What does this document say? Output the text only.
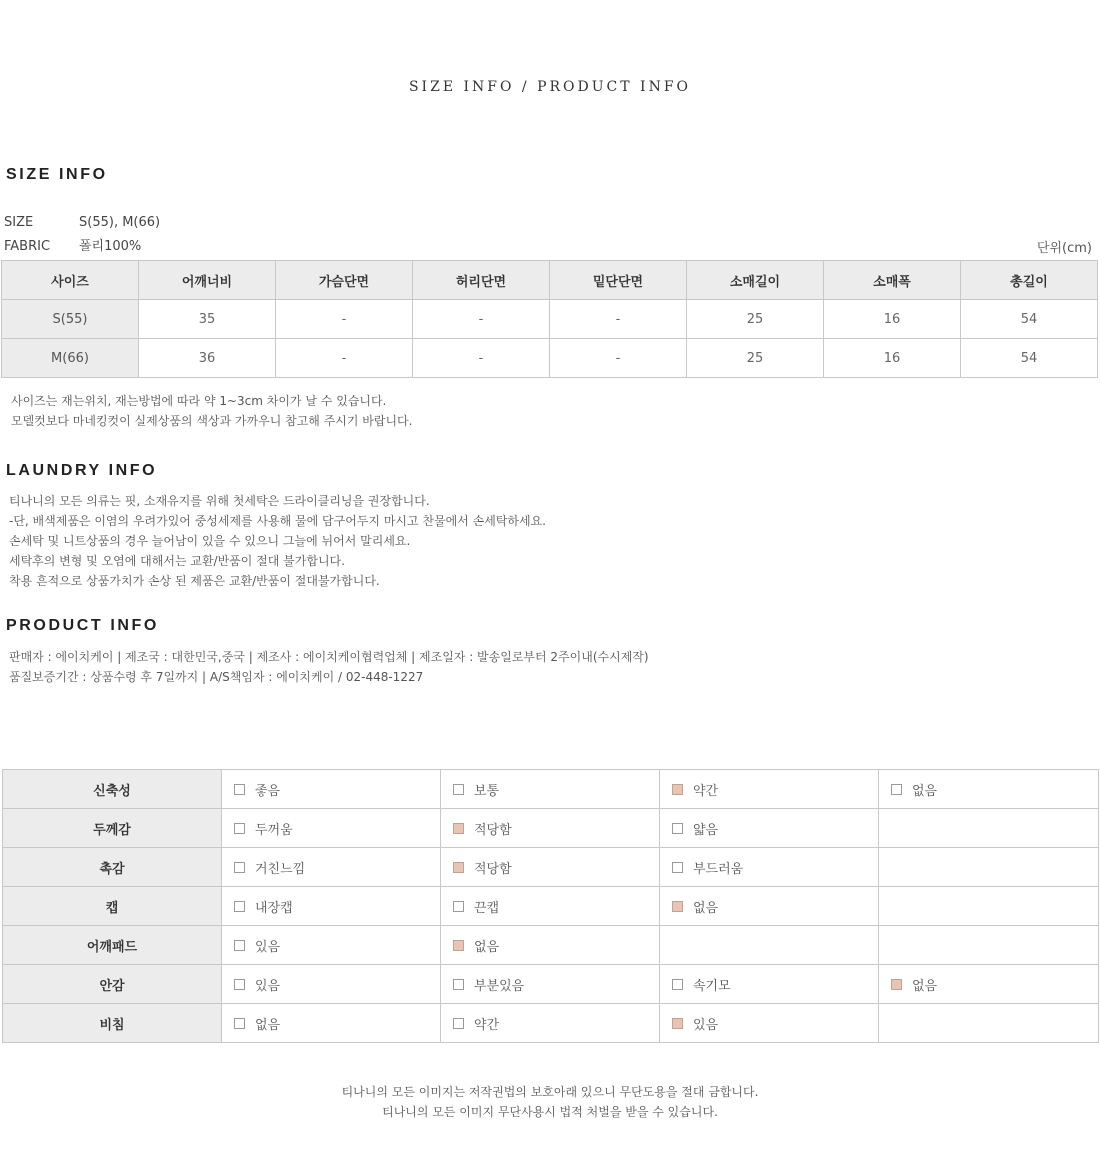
SIZE INFO / PRODUCT INFO
SIZE INFO
SIZE	S(55), M(66)
FABRIC 폴리100%	단위(cm)
사이즈	어깨너비	가슴단면	허리단면	밑단단면	소매길이	소매폭	총길이
S(55)	35	-	-	-	25	16	54
M(66)	36	-	-	-	25	16	54
사이즈는 재는위치, 재는방법에 따라 약 1~3cm 차이가 날 수 있습니다.
모델컷보다 마네킹컷이 실제상품의 색상과 가까우니 참고해 주시기 바랍니다.
LAUNDRY INFO
티나니의 모든 의류는 핏, 소재유지를 위해 첫세탁은 드라이클리닝을 권장합니다.
-단, 배색제품은 이염의 우려가있어 중성세제를 사용해 물에 담구어두지 마시고 찬물에서 손세탁하세요.
손세탁 및 니트상품의 경우 늘어남이 있을 수 있으니 그늘에 뉘어서 말리세요.
세탁후의 변형 및 오염에 대해서는 교환/반품이 절대 불가합니다.
착용 흔적으로 상품가치가 손상 된 제품은 교환/반품이 절대불가합니다.
PRODUCT INFO
판매자 : 에이치케이 | 제조국 : 대한민국,중국 | 제조사 : 에이치케이협력업체 | 제조일자 : 발송일로부터 2주이내(수시제작)
품질보증기간 : 상품수령 후 7일까지 | A/S책임자 : 에이치케이 / 02-448-1227
신축성	좋음	보통	약간	없음

두께감	두꺼움	적당함	얇음	

촉감	거친느낌	적당함	부드러움	

캡	내장캡	끈캡	없음	

어깨패드	있음	없음		

안감	있음	부분있음	속기모	없음

비침	없음	약간	있음	

티나니의 모든 이미지는 저작권법의 보호아래 있으니 무단도용을 절대 금합니다.
티나니의 모든 이미지 무단사용시 법적 처벌을 받을 수 있습니다.
